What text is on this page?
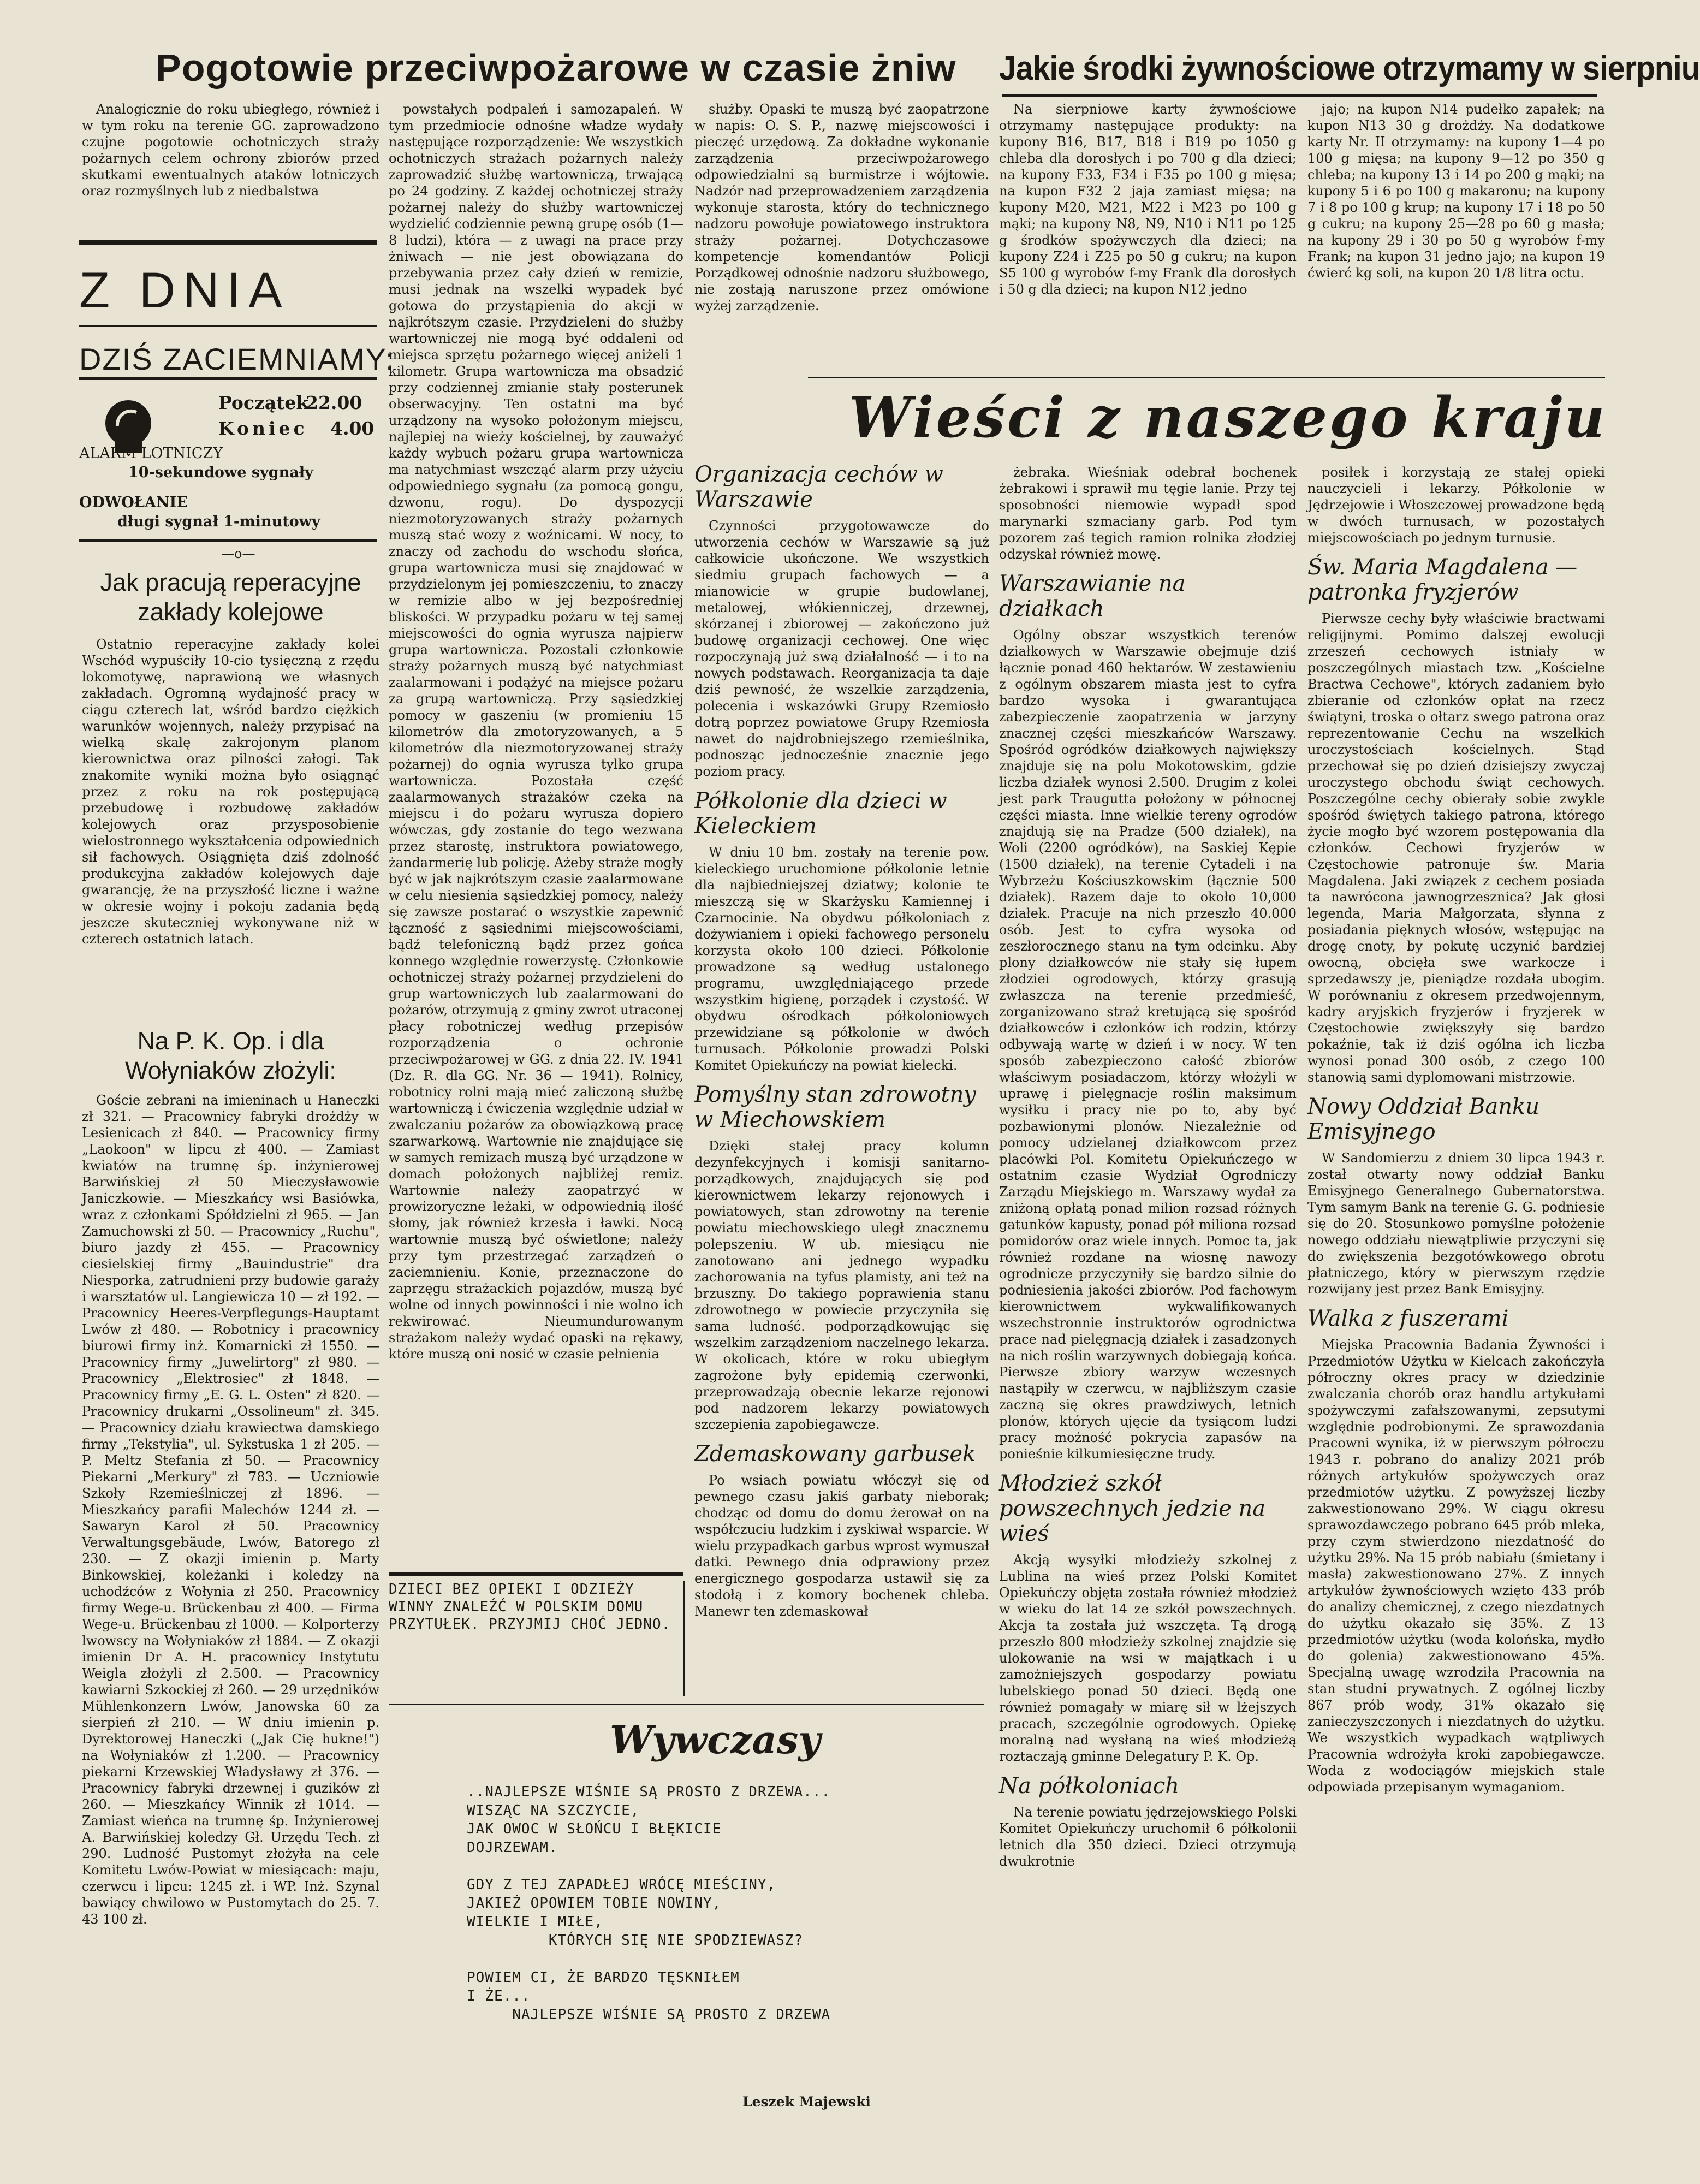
Pogotowie przeciwpożarowe w czasie żniw Jakie środki żywnościowe otrzymamy w sierpniu

Analogicznie do roku ubiegłego, również i w tym roku na terenie GG. zaprowadzono czujne pogotowie ochotniczych straży pożarnych celem ochrony zbiorów przed skutkami ewentualnych ataków lotniczych oraz rozmyślnych lub z niedbalstwa

Z DNIA
DZIŚ ZACIEMNIAMY:
Początek
22.00
Koniec 4.00
ALARM LOTNICZY
10-sekundowe sygnały
ODWOŁANIE
długi sygnał 1-minutowy
—o—
Jak pracują reperacyjne zakłady kolejowe

Ostatnio reperacyjne zakłady kolei Wschód wypuściły 10-cio tysięczną z rzędu lokomotywę, naprawioną we własnych zakładach. Ogromną wydajność pracy w ciągu czterech lat, wśród bardzo ciężkich warunków wojennych, należy przypisać na wielką skalę zakrojonym planom kierownictwa oraz pilności załogi. Tak znakomite wyniki można było osiągnąć przez z roku na rok postępującą przebudowę i rozbudowę zakładów kolejowych oraz przysposobienie wielostronnego wykształcenia odpowiednich sił fachowych. Osiągnięta dziś zdolność produkcyjna zakładów kolejowych daje gwarancję, że na przyszłość liczne i ważne w okresie wojny i pokoju zadania będą jeszcze skuteczniej wykonywane niż w czterech ostatnich latach.

Na P. K. Op. i dla Wołyniaków złożyli:

Goście zebrani na imieninach u Haneczki zł 321. — Pracownicy fabryki drożdży w Lesienicach zł 840. — Pracownicy firmy „Laokoon" w lipcu zł 400. — Zamiast kwiatów na trumnę śp. inżynierowej Barwińskiej zł 50 Mieczysławowie Janiczkowie. — Mieszkańcy wsi Basiówka, wraz z członkami Spółdzielni zł 965. — Jan Zamuchowski zł 50. — Pracownicy „Ruchu", biuro jazdy zł 455. — Pracownicy ciesielskiej firmy „Bauindustrie" dra Niesporka, zatrudnieni przy budowie garaży i warsztatów ul. Langiewicza 10 — zł 192. — Pracownicy Heeres-Verpflegungs-Hauptamt Lwów zł 480. — Robotnicy i pracownicy biurowi firmy inż. Komarnicki zł 1550. — Pracownicy firmy „Juwelirtorg" zł 980. — Pracownicy „Elektrosiec" zł 1848. — Pracownicy firmy „E. G. L. Osten" zł 820. — Pracownicy drukarni „Ossolineum" zł. 345. — Pracownicy działu krawiectwa damskiego firmy „Tekstylia", ul. Sykstuska 1 zł 205. — P. Meltz Stefania zł 50. — Pracownicy Piekarni „Merkury" zł 783. — Uczniowie Szkoły Rzemieślniczej zł 1896. — Mieszkańcy parafii Malechów 1244 zł. — Sawaryn Karol zł 50. Pracownicy Verwaltungsgebäude, Lwów, Batorego zł 230. — Z okazji imienin p. Marty Binkowskiej, koleżanki i koledzy na uchodźców z Wołynia zł 250. Pracownicy firmy Wege-u. Brückenbau zł 400. — Firma Wege-u. Brückenbau zł 1000. — Kolporterzy lwowscy na Wołyniaków zł 1884. — Z okazji imienin Dr A. H. pracownicy Instytutu Weigla złożyli zł 2.500. — Pracownicy kawiarni Szkockiej zł 260. — 29 urzędników Mühlenkonzern Lwów, Janowska 60 za sierpień zł 210. — W dniu imienin p. Dyrektorowej Haneczki („Jak Cię hukne!") na Wołyniaków zł 1.200. — Pracownicy piekarni Krzewskiej Władysławy zł 376. — Pracownicy fabryki drzewnej i guzików zł 260. — Mieszkańcy Winnik zł 1014. — Zamiast wieńca na trumnę śp. Inżynierowej A. Barwińskiej koledzy Gł. Urzędu Tech. zł 290. Ludność Pustomyt złożyła na cele Komitetu Lwów-Powiat w miesiącach: maju, czerwcu i lipcu: 1245 zł. i WP. Inż. Szynal bawiący chwilowo w Pustomytach do 25. 7. 43 100 zł.

powstałych podpaleń i samozapaleń. W tym przedmiocie odnośne władze wydały następujące rozporządzenie: We wszystkich ochotniczych strażach pożarnych należy zaprowadzić służbę wartowniczą, trwającą po 24 godziny. Z każdej ochotniczej straży pożarnej należy do służby wartowniczej wydzielić codziennie pewną grupę osób (1—8 ludzi), która — z uwagi na prace przy żniwach — nie jest obowiązana do przebywania przez cały dzień w remizie, musi jednak na wszelki wypadek być gotowa do przystąpienia do akcji w najkrótszym czasie. Przydzieleni do służby wartowniczej nie mogą być oddaleni od miejsca sprzętu pożarnego więcej aniżeli 1 kilometr. Grupa wartownicza ma obsadzić przy codziennej zmianie stały posterunek obserwacyjny. Ten ostatni ma być urządzony na wysoko położonym miejscu, najlepiej na wieży kościelnej, by zauważyć każdy wybuch pożaru grupa wartownicza ma natychmiast wszcząć alarm przy użyciu odpowiedniego sygnału (za pomocą gongu, dzwonu, rogu). Do dyspozycji niezmotoryzowanych straży pożarnych muszą stać wozy z woźnicami. W nocy, to znaczy od zachodu do wschodu słońca, grupa wartownicza musi się znajdować w przydzielonym jej pomieszczeniu, to znaczy w remizie albo w jej bezpośredniej bliskości. W przypadku pożaru w tej samej miejscowości do ognia wyrusza najpierw grupa wartownicza. Pozostali członkowie straży pożarnych muszą być natychmiast zaalarmowani i podążyć na miejsce pożaru za grupą wartowniczą. Przy sąsiedzkiej pomocy w gaszeniu (w promieniu 15 kilometrów dla zmotoryzowanych, a 5 kilometrów dla niezmotoryzowanej straży pożarnej) do ognia wyrusza tylko grupa wartownicza. Pozostała część zaalarmowanych strażaków czeka na miejscu i do pożaru wyrusza dopiero wówczas, gdy zostanie do tego wezwana przez starostę, instruktora powiatowego, żandarmerię lub policję. Ażeby straże mogły być w jak najkrótszym czasie zaalarmowane w celu niesienia sąsiedzkiej pomocy, należy się zawsze postarać o wszystkie zapewnić łączność z sąsiednimi miejscowościami, bądź telefoniczną bądź przez gońca konnego względnie rowerzystę. Członkowie ochotniczej straży pożarnej przydzieleni do grup wartowniczych lub zaalarmowani do pożarów, otrzymują z gminy zwrot utraconej płacy robotniczej według przepisów rozporządzenia o ochronie przeciwpożarowej w GG. z dnia 22. IV. 1941 (Dz. R. dla GG. Nr. 36 — 1941). Rolnicy, robotnicy rolni mają mieć zaliczoną służbę wartowniczą i ćwiczenia względnie udział w zwalczaniu pożarów za obowiązkową pracę szarwarkową. Wartownie nie znajdujące się w samych remizach muszą być urządzone w domach położonych najbliżej remiz. Wartownie należy zaopatrzyć w prowizoryczne leżaki, w odpowiednią ilość słomy, jak również krzesła i ławki. Nocą wartownie muszą być oświetlone; należy przy tym przestrzegać zarządzeń o zaciemnieniu. Konie, przeznaczone do zaprzęgu strażackich pojazdów, muszą być wolne od innych powinności i nie wolno ich rekwirować. Nieumundurowanym strażakom należy wydać opaski na rękawy, które muszą oni nosić w czasie pełnienia

służby. Opaski te muszą być zaopatrzone w napis: O. S. P., nazwę miejscowości i pieczęć urzędową. Za dokładne wykonanie zarządzenia przeciwpożarowego odpowiedzialni są burmistrze i wójtowie. Nadzór nad przeprowadzeniem zarządzenia wykonuje starosta, który do technicznego nadzoru powołuje powiatowego instruktora straży pożarnej. Dotychczasowe kompetencje komendantów Policji Porządkowej odnośnie nadzoru służbowego, nie zostają naruszone przez omówione wyżej zarządzenie.

Na sierpniowe karty żywnościowe otrzymamy następujące produkty: na kupony B16, B17, B18 i B19 po 1050 g chleba dla dorosłych i po 700 g dla dzieci; na kupony F33, F34 i F35 po 100 g mięsa; na kupon F32 2 jaja zamiast mięsa; na kupony M20, M21, M22 i M23 po 100 g mąki; na kupony N8, N9, N10 i N11 po 125 g środków spożywczych dla dzieci; na kupony Z24 i Z25 po 50 g cukru; na kupon S5 100 g wyrobów f-my Frank dla dorosłych i 50 g dla dzieci; na kupon N12 jedno

jajo; na kupon N14 pudełko zapałek; na kupon N13 30 g drożdży. Na dodatkowe karty Nr. II otrzymamy: na kupony 1—4 po 100 g mięsa; na kupony 9—12 po 350 g chleba; na kupony 13 i 14 po 200 g mąki; na kupony 5 i 6 po 100 g makaronu; na kupony 7 i 8 po 100 g krup; na kupony 17 i 18 po 50 g cukru; na kupony 25—28 po 60 g masła; na kupony 29 i 30 po 50 g wyrobów f-my Frank; na kupon 31 jedno jajo; na kupon 19 ćwierć kg soli, na kupon 20 1/8 litra octu.

Wieści z naszego kraju

Organizacja cechów w Warszawie

Czynności przygotowawcze do utworzenia cechów w Warszawie są już całkowicie ukończone. We wszystkich siedmiu grupach fachowych — a mianowicie w grupie budowlanej, metalowej, włókienniczej, drzewnej, skórzanej i zbiorowej — zakończono już budowę organizacji cechowej. One więc rozpoczynają już swą działalność — i to na nowych podstawach. Reorganizacja ta daje dziś pewność, że wszelkie zarządzenia, polecenia i wskazówki Grupy Rzemiosło dotrą poprzez powiatowe Grupy Rzemiosła nawet do najdrobniejszego rzemieślnika, podnosząc jednocześnie znacznie jego poziom pracy.

Półkolonie dla dzieci w Kieleckiem

W dniu 10 bm. zostały na terenie pow. kieleckiego uruchomione półkolonie letnie dla najbiedniejszej dziatwy; kolonie te mieszczą się w Skarżysku Kamiennej i Czarnocinie. Na obydwu półkoloniach z dożywianiem i opieki fachowego personelu korzysta około 100 dzieci. Półkolonie prowadzone są według ustalonego programu, uwzględniającego przede wszystkim higienę, porządek i czystość. W obydwu ośrodkach półkoloniowych przewidziane są półkolonie w dwóch turnusach. Półkolonie prowadzi Polski Komitet Opiekuńczy na powiat kielecki.

Pomyślny stan zdrowotny w Miechowskiem

Dzięki stałej pracy kolumn dezynfekcyjnych i komisji sanitarno-porządkowych, znajdujących się pod kierownictwem lekarzy rejonowych i powiatowych, stan zdrowotny na terenie powiatu miechowskiego uległ znacznemu polepszeniu. W ub. miesiącu nie zanotowano ani jednego wypadku zachorowania na tyfus plamisty, ani też na brzuszny. Do takiego poprawienia stanu zdrowotnego w powiecie przyczyniła się sama ludność. podporządkowując się wszelkim zarządzeniom naczelnego lekarza. W okolicach, które w roku ubiegłym zagrożone były epidemią czerwonki, przeprowadzają obecnie lekarze rejonowi pod nadzorem lekarzy powiatowych szczepienia zapobiegawcze.

Zdemaskowany garbusek

Po wsiach powiatu włóczył się od pewnego czasu jakiś garbaty nieborak; chodząc od domu do domu żerował on na współczuciu ludzkim i zyskiwał wsparcie. W wielu przypadkach garbus wprost wymuszał datki. Pewnego dnia odprawiony przez energicznego gospodarza ustawił się za stodołą i z komory bochenek chleba. Manewr ten zdemaskował

żebraka. Wieśniak odebrał bochenek żebrakowi i sprawił mu tęgie lanie. Przy tej sposobności niemowie wypadł spod marynarki szmaciany garb. Pod tym pozorem zaś tegich ramion rolnika złodziej odzyskał również mowę.

Warszawianie na działkach

Ogólny obszar wszystkich terenów działkowych w Warszawie obejmuje dziś łącznie ponad 460 hektarów. W zestawieniu z ogólnym obszarem miasta jest to cyfra bardzo wysoka i gwarantująca zabezpieczenie zaopatrzenia w jarzyny znacznej części mieszkańców Warszawy. Spośród ogródków działkowych największy znajduje się na polu Mokotowskim, gdzie liczba działek wynosi 2.500. Drugim z kolei jest park Traugutta położony w północnej części miasta. Inne wielkie tereny ogrodów znajdują się na Pradze (500 działek), na Woli (2200 ogródków), na Saskiej Kępie (1500 działek), na terenie Cytadeli i na Wybrzeżu Kościuszkowskim (łącznie 500 działek). Razem daje to około 10,000 działek. Pracuje na nich przeszło 40.000 osób. Jest to cyfra wysoka od zeszłorocznego stanu na tym odcinku. Aby plony działkowców nie stały się łupem złodziei ogrodowych, którzy grasują zwłaszcza na terenie przedmieść, zorganizowano straż kretującą się spośród działkowców i członków ich rodzin, którzy odbywają wartę w dzień i w nocy. W ten sposób zabezpieczono całość zbiorów właściwym posiadaczom, którzy włożyli w uprawę i pielęgnacje roślin maksimum wysiłku i pracy nie po to, aby być pozbawionymi plonów. Niezależnie od pomocy udzielanej działkowcom przez placówki Pol. Komitetu Opiekuńczego w ostatnim czasie Wydział Ogrodniczy Zarządu Miejskiego m. Warszawy wydał za zniżoną opłatą ponad milion rozsad różnych gatunków kapusty, ponad pół miliona rozsad pomidorów oraz wiele innych. Pomoc ta, jak również rozdane na wiosnę nawozy ogrodnicze przyczyniły się bardzo silnie do podniesienia jakości zbiorów. Pod fachowym kierownictwem wykwalifikowanych wszechstronnie instruktorów ogrodnictwa prace nad pielęgnacją działek i zasadzonych na nich roślin warzywnych dobiegają końca. Pierwsze zbiory warzyw wczesnych nastąpiły w czerwcu, w najbliższym czasie zaczną się okres prawdziwych, letnich plonów, których ujęcie da tysiącom ludzi pracy możność pokrycia zapasów na ponieśnie kilkumiesięczne trudy.

Młodzież szkół powszechnych jedzie na wieś

Akcją wysyłki młodzieży szkolnej z Lublina na wieś przez Polski Komitet Opiekuńczy objęta została również młodzież w wieku do lat 14 ze szkół powszechnych. Akcja ta została już wszczęta. Tą drogą przeszło 800 młodzieży szkolnej znajdzie się ulokowanie na wsi w majątkach i u zamożniejszych gospodarzy powiatu lubelskiego ponad 50 dzieci. Będą one również pomagały w miarę sił w lżejszych pracach, szczególnie ogrodowych. Opiekę moralną nad wysłaną na wieś młodzieżą roztaczają gminne Delegatury P. K. Op.

Na półkoloniach

Na terenie powiatu jędrzejowskiego Polski Komitet Opiekuńczy uruchomił 6 półkolonii letnich dla 350 dzieci. Dzieci otrzymują dwukrotnie

posiłek i korzystają ze stałej opieki nauczycieli i lekarzy. Półkolonie w Jędrzejowie i Włoszczowej prowadzone będą w dwóch turnusach, w pozostałych miejscowościach po jednym turnusie.

Św. Maria Magdalena — patronka fryzjerów

Pierwsze cechy były właściwie bractwami religijnymi. Pomimo dalszej ewolucji zrzeszeń cechowych istniały w poszczególnych miastach tzw. „Kościelne Bractwa Cechowe", których zadaniem było zbieranie od członków opłat na rzecz świątyni, troska o ołtarz swego patrona oraz reprezentowanie Cechu na wszelkich uroczystościach kościelnych. Stąd przechował się po dzień dzisiejszy zwyczaj uroczystego obchodu świąt cechowych. Poszczególne cechy obierały sobie zwykle spośród świętych takiego patrona, którego życie mogło być wzorem postępowania dla członków. Cechowi fryzjerów w Częstochowie patronuje św. Maria Magdalena. Jaki związek z cechem posiada ta nawrócona jawnogrzesznica? Jak głosi legenda, Maria Małgorzata, słynna z posiadania pięknych włosów, wstępując na drogę cnoty, by pokutę uczynić bardziej owocną, obcięła swe warkocze i sprzedawszy je, pieniądze rozdała ubogim. W porównaniu z okresem przedwojennym, kadry aryjskich fryzjerów i fryzjerek w Częstochowie zwiększyły się bardzo pokaźnie, tak iż dziś ogólna ich liczba wynosi ponad 300 osób, z czego 100 stanowią sami dyplomowani mistrzowie.

Nowy Oddział Banku Emisyjnego

W Sandomierzu z dniem 30 lipca 1943 r. został otwarty nowy oddział Banku Emisyjnego Generalnego Gubernatorstwa. Tym samym Bank na terenie G. G. podniesie się do 20. Stosunkowo pomyślne położenie nowego oddziału niewątpliwie przyczyni się do zwiększenia bezgotówkowego obrotu płatniczego, który w pierwszym rzędzie rozwijany jest przez Bank Emisyjny.

Walka z fuszerami

Miejska Pracownia Badania Żywności i Przedmiotów Użytku w Kielcach zakończyła półroczny okres pracy w dziedzinie zwalczania chorób oraz handlu artykułami spożywczymi zafałszowanymi, zepsutymi względnie podrobionymi. Ze sprawozdania Pracowni wynika, iż w pierwszym półroczu 1943 r. pobrano do analizy 2021 prób różnych artykułów spożywczych oraz przedmiotów użytku. Z powyższej liczby zakwestionowano 29%. W ciągu okresu sprawozdawczego pobrano 645 prób mleka, przy czym stwierdzono niezdatność do użytku 29%. Na 15 prób nabiału (śmietany i masła) zakwestionowano 27%. Z innych artykułów żywnościowych wzięto 433 prób do analizy chemicznej, z czego niezdatnych do użytku okazało się 35%. Z 13 przedmiotów użytku (woda kolońska, mydło do golenia) zakwestionowano 45%. Specjalną uwagę wzrodziła Pracownia na stan studni prywatnych. Z ogólnej liczby 867 prób wody, 31% okazało się zanieczyszczonych i niezdatnych do użytku. We wszystkich wypadkach wątpliwych Pracownia wdrożyła kroki zapobiegawcze. Woda z wodociągów miejskich stale odpowiada przepisanym wymaganiom.

DZIECI BEZ OPIEKI I ODZIEŻY WINNY ZNALEŹĆ W POLSKIM DOMU PRZYTUŁEK. PRZYJMIJ CHOĆ JEDNO.
Wywczasy
..NAJLEPSZE WIŚNIE SĄ PROSTO Z DRZEWA...
WISZĄC NA SZCZYCIE,
JAK OWOC W SŁOŃCU I BŁĘKICIE
DOJRZEWAM.

GDY Z TEJ ZAPADŁEJ WRÓCĘ MIEŚCINY,
JAKIEŻ OPOWIEM TOBIE NOWINY,
WIELKIE I MIŁE,
KTÓRYCH SIĘ NIE SPODZIEWASZ?

POWIEM CI, ŻE BARDZO TĘSKNIŁEM
I ŻE...
NAJLEPSZE WIŚNIE SĄ PROSTO Z DRZEWA
Leszek Majewski
